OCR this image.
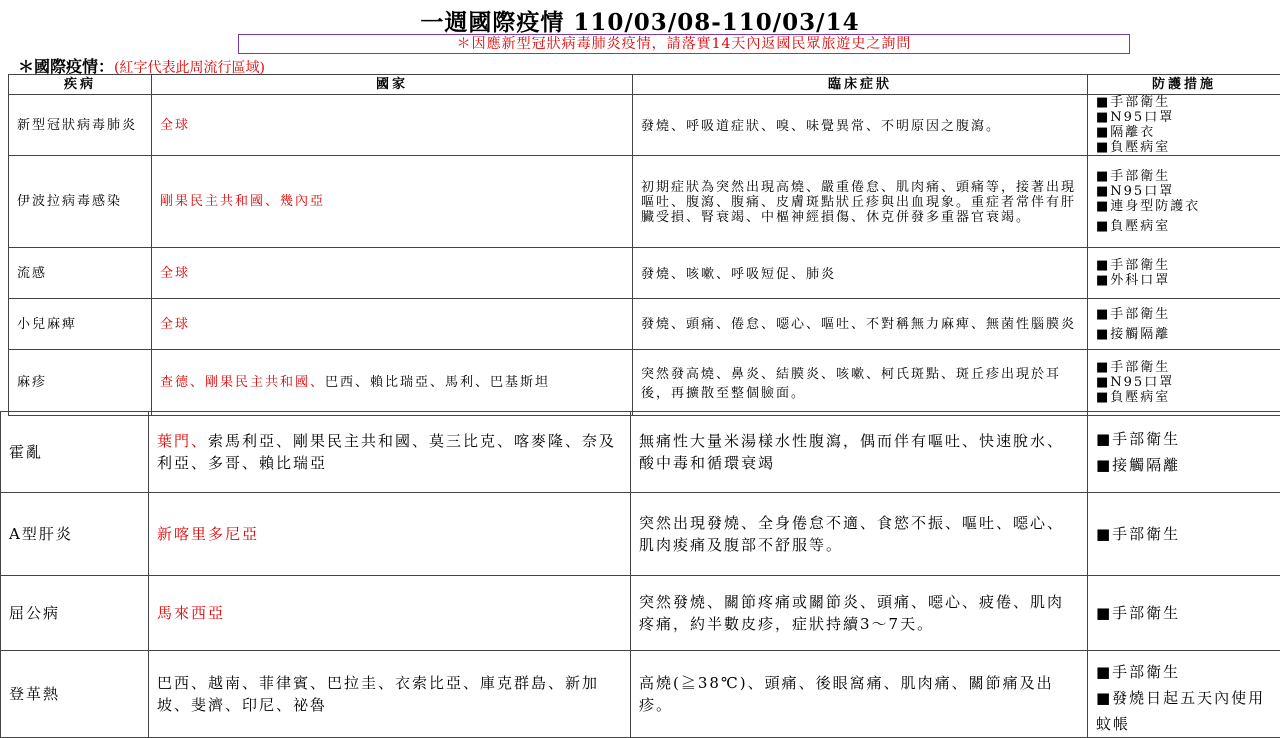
一週國際疫情 110/03/08-110/03/14
＊因應新型冠狀病毒肺炎疫情，請落實14天內返國民眾旅遊史之詢問
＊國際疫情：(紅字代表此周流行區域)
疾病	國家	臨床症狀	防護措施
新型冠狀病毒肺炎	全球	發燒、呼吸道症狀、嗅、味覺異常、不明原因之腹瀉。	■手部衛生
■N95口罩
■隔離衣
■負壓病室

伊波拉病毒感染	剛果民主共和國、幾內亞	初期症狀為突然出現高燒、嚴重倦怠、肌肉痛、頭痛等，接著出現嘔吐、腹瀉、腹痛、皮膚斑點狀丘疹與出血現象。重症者常伴有肝臟受損、腎衰竭、中樞神經損傷、休克併發多重器官衰竭。	■手部衛生
■N95口罩
■連身型防護衣
■負壓病室

流感	全球	發燒、咳嗽、呼吸短促、肺炎	■手部衛生
■外科口罩

小兒麻痺	全球	發燒、頭痛、倦怠、噁心、嘔吐、不對稱無力麻痺、無菌性腦膜炎	■手部衛生
■接觸隔離

麻疹	查德、剛果民主共和國、巴西、賴比瑞亞、馬利、巴基斯坦	突然發高燒、鼻炎、結膜炎、咳嗽、柯氏斑點、斑丘疹出現於耳後，再擴散至整個臉面。	■手部衛生
■N95口罩
■負壓病室
霍亂	葉門、索馬利亞、剛果民主共和國、莫三比克、喀麥隆、奈及利亞、多哥、賴比瑞亞	無痛性大量米湯樣水性腹瀉，偶而伴有嘔吐、快速脫水、酸中毒和循環衰竭	■手部衛生
■接觸隔離

A型肝炎	新喀里多尼亞	突然出現發燒、全身倦怠不適、食慾不振、嘔吐、噁心、肌肉痠痛及腹部不舒服等。	■手部衛生

屈公病	馬來西亞	突然發燒、關節疼痛或關節炎、頭痛、噁心、疲倦、肌肉疼痛，約半數皮疹，症狀持續3～7天。	■手部衛生

登革熱	巴西、越南、菲律賓、巴拉圭、衣索比亞、庫克群島、新加坡、斐濟、印尼、祕魯	高燒(≧38℃)、頭痛、後眼窩痛、肌肉痛、關節痛及出疹。	■手部衛生
■發燒日起五天內使用蚊帳
